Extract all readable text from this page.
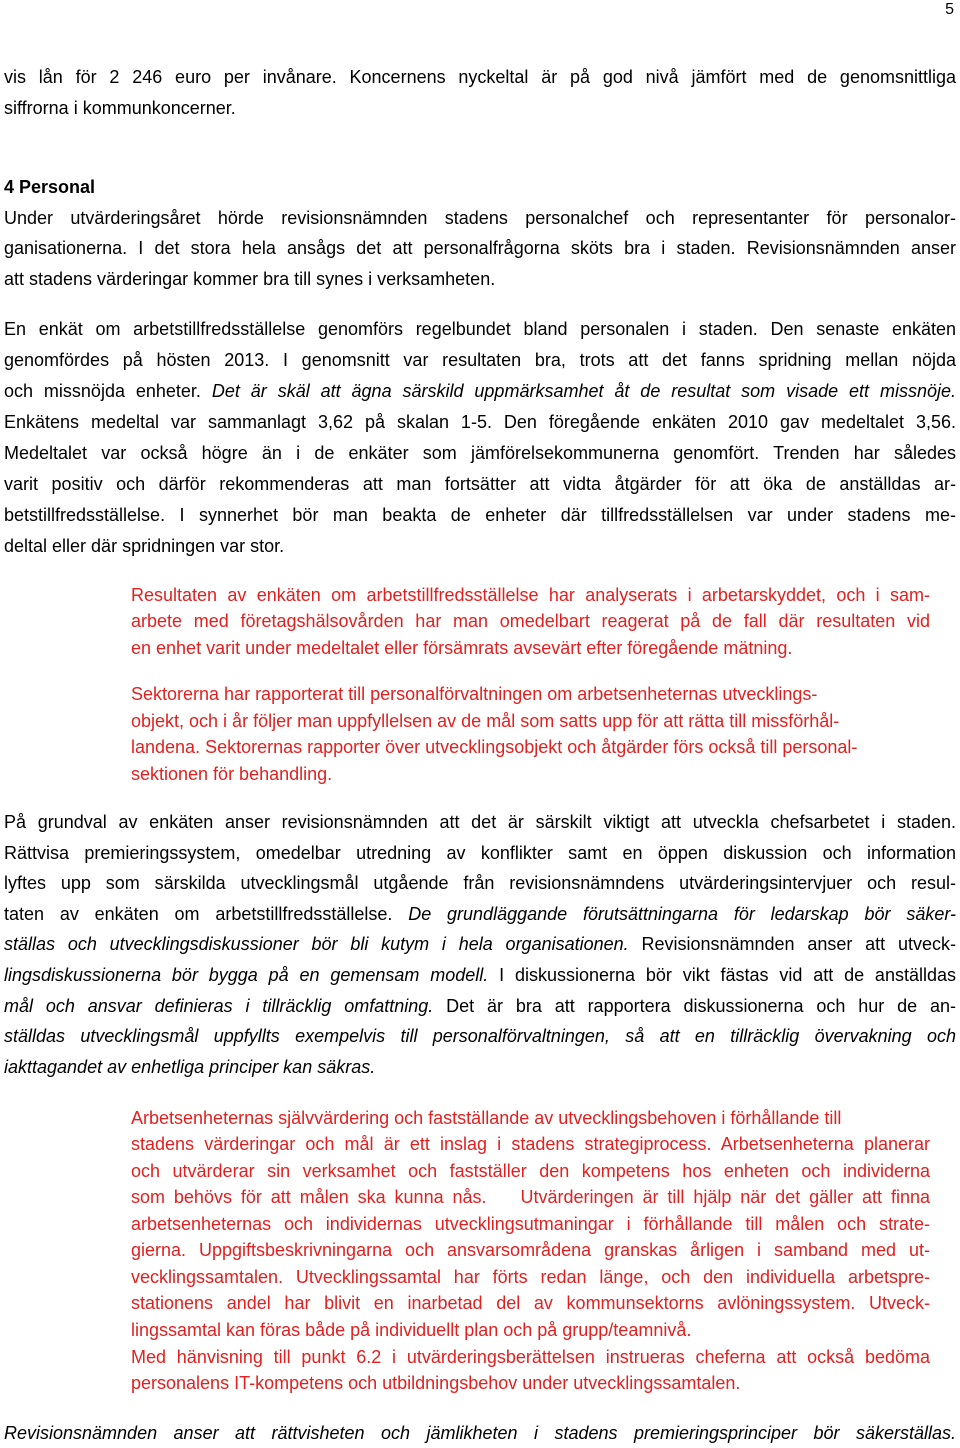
5
vis lån för 2 246 euro per invånare. Koncernens nyckeltal är på god nivå jämfört med de genomsnittliga
siffrorna i kommunkoncerner.
4 Personal
Under utvärderingsåret hörde revisionsnämnden stadens personalchef och representanter för personalor-
ganisationerna. I det stora hela ansågs det att personalfrågorna sköts bra i staden. Revisionsnämnden anser
att stadens värderingar kommer bra till synes i verksamheten.
En enkät om arbetstillfredsställelse genomförs regelbundet bland personalen i staden. Den senaste enkäten
genomfördes på hösten 2013. I genomsnitt var resultaten bra, trots att det fanns spridning mellan nöjda
och missnöjda enheter. Det är skäl att ägna särskild uppmärksamhet åt de resultat som visade ett missnöje.
Enkätens medeltal var sammanlagt 3,62 på skalan 1-5. Den föregående enkäten 2010 gav medeltalet 3,56.
Medeltalet var också högre än i de enkäter som jämförelsekommunerna genomfört. Trenden har således
varit positiv och därför rekommenderas att man fortsätter att vidta åtgärder för att öka de anställdas ar-
betstillfredsställelse. I synnerhet bör man beakta de enheter där tillfredsställelsen var under stadens me-
deltal eller där spridningen var stor.
Resultaten av enkäten om arbetstillfredsställelse har analyserats i arbetarskyddet, och i sam-
arbete med företagshälsovården har man omedelbart reagerat på de fall där resultaten vid
en enhet varit under medeltalet eller försämrats avsevärt efter föregående mätning.
Sektorerna har rapporterat till personalförvaltningen om arbetsenheternas utvecklings-
objekt, och i år följer man uppfyllelsen av de mål som satts upp för att rätta till missförhål-
landena. Sektorernas rapporter över utvecklingsobjekt och åtgärder förs också till personal-
sektionen för behandling.
På grundval av enkäten anser revisionsnämnden att det är särskilt viktigt att utveckla chefsarbetet i staden.
Rättvisa premieringssystem, omedelbar utredning av konflikter samt en öppen diskussion och information
lyftes upp som särskilda utvecklingsmål utgående från revisionsnämndens utvärderingsintervjuer och resul-
taten av enkäten om arbetstillfredsställelse. De grundläggande förutsättningarna för ledarskap bör säker-
ställas och utvecklingsdiskussioner bör bli kutym i hela organisationen. Revisionsnämnden anser att utveck-
lingsdiskussionerna bör bygga på en gemensam modell. I diskussionerna bör vikt fästas vid att de anställdas
mål och ansvar definieras i tillräcklig omfattning. Det är bra att rapportera diskussionerna och hur de an-
ställdas utvecklingsmål uppfyllts exempelvis till personalförvaltningen, så att en tillräcklig övervakning och
iakttagandet av enhetliga principer kan säkras.
Arbetsenheternas självvärdering och fastställande av utvecklingsbehoven i förhållande till
stadens värderingar och mål är ett inslag i stadens strategiprocess. Arbetsenheterna planerar
och utvärderar sin verksamhet och fastställer den kompetens hos enheten och individerna
som behövs för att målen ska kunna nås. Utvärderingen är till hjälp när det gäller att finna
arbetsenheternas och individernas utvecklingsutmaningar i förhållande till målen och strate-
gierna. Uppgiftsbeskrivningarna och ansvarsområdena granskas årligen i samband med ut-
vecklingssamtalen. Utvecklingssamtal har förts redan länge, och den individuella arbetspre-
stationens andel har blivit en inarbetad del av kommunsektorns avlöningssystem. Utveck-
lingssamtal kan föras både på individuellt plan och på grupp/teamnivå.
Med hänvisning till punkt 6.2 i utvärderingsberättelsen instrueras cheferna att också bedöma
personalens IT-kompetens och utbildningsbehov under utvecklingssamtalen.
Revisionsnämnden anser att rättvisheten och jämlikheten i stadens premieringsprinciper bör säkerställas.
